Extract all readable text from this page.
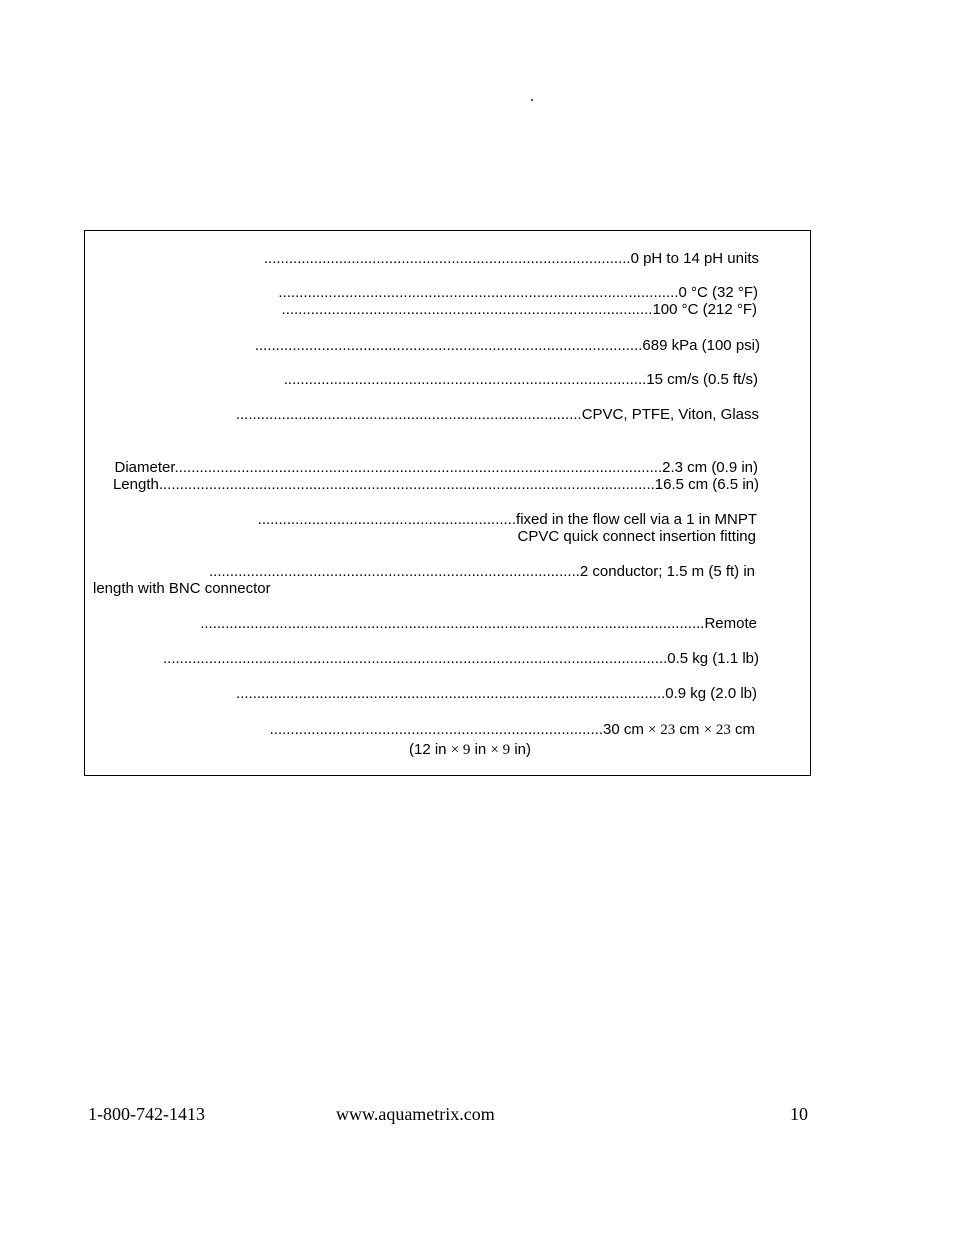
.
........................................................................................0 pH to 14 pH units
................................................................................................0 °C (32 °F)
.........................................................................................100 °C (212 °F)
.............................................................................................689 kPa (100 psi)
.......................................................................................15 cm/s (0.5 ft/s)
...................................................................................CPVC, PTFE, Viton, Glass
Diameter.....................................................................................................................2.3 cm (0.9 in)
Length.......................................................................................................................16.5 cm (6.5 in)
..............................................................fixed in the flow cell via a 1 in MNPT
CPVC quick connect insertion fitting
.........................................................................................2 conductor; 1.5 m (5 ft) in
length with BNC connector
.........................................................................................................................Remote
.........................................................................................................................0.5 kg (1.1 lb)
.......................................................................................................0.9 kg (2.0 lb)
................................................................................30 cm × 23 cm × 23 cm
(12 in × 9 in × 9 in)
1-800-742-1413	www.aquametrix.com	10
